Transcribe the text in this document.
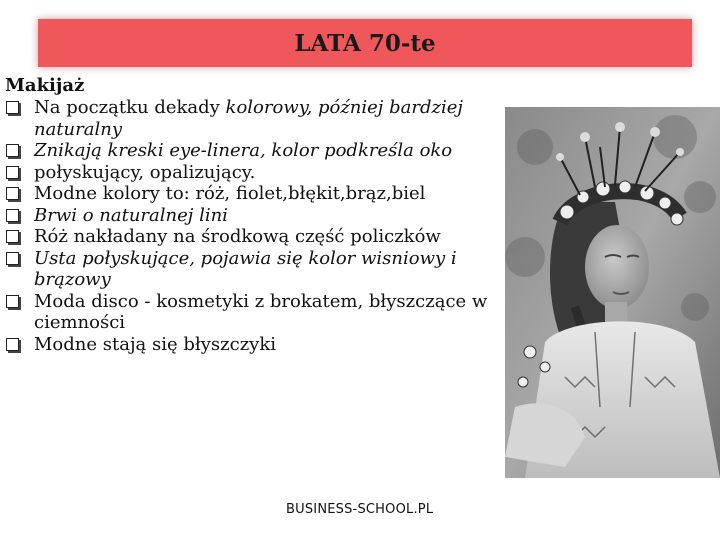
LATA 70-te
Makijaż
Na początku dekady kolorowy, później bardziej naturalny
Znikają kreski eye-linera, kolor podkreśla oko
połyskujący, opalizujący.
Modne kolory to: róż, fiolet,błękit,brąz,biel
Brwi o naturalnej lini
Róż nakładany na środkową część policzków
Usta połyskujące, pojawia się kolor wisniowy i brązowy
Moda disco - kosmetyki z brokatem, błyszczące w ciemności
Modne stają się błyszczyki
BUSINESS-SCHOOL.PL
